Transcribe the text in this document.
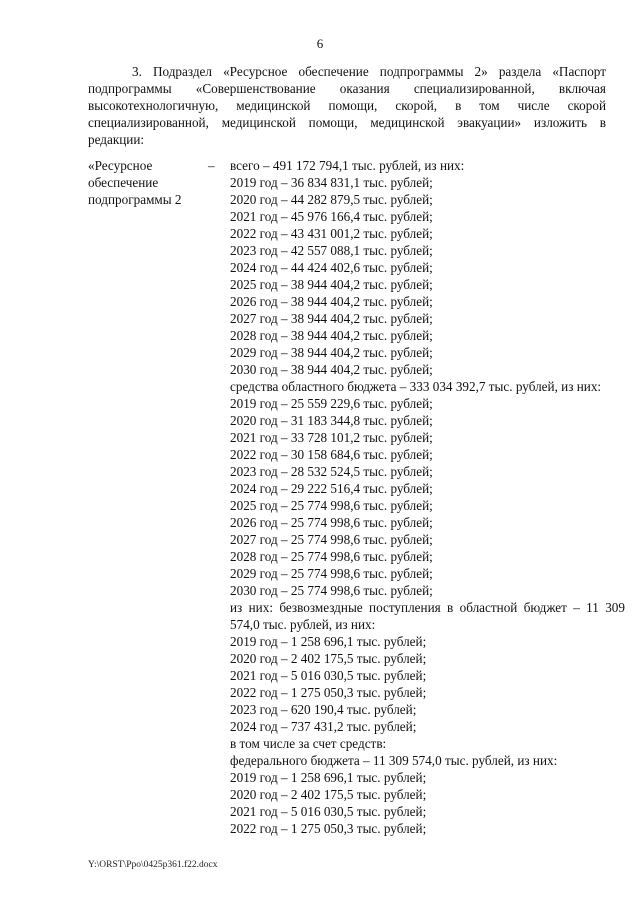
6

3. Подраздел «Ресурсное обеспечение подпрограммы 2» раздела «Паспорт подпрограммы «Совершенствование оказания специализированной, включая высокотехнологичную, медицинской помощи, скорой, в том числе скорой специализированной, медицинской помощи, медицинской эвакуации» изложить в редакции:

«Ресурсное
обеспечение
подпрограммы 2
– всего – 491 172 794,1 тыс. рублей, из них:
2019 год – 36 834 831,1 тыс. рублей;
2020 год – 44 282 879,5 тыс. рублей;
2021 год – 45 976 166,4 тыс. рублей;
2022 год – 43 431 001,2 тыс. рублей;
2023 год – 42 557 088,1 тыс. рублей;
2024 год – 44 424 402,6 тыс. рублей;
2025 год – 38 944 404,2 тыс. рублей;
2026 год – 38 944 404,2 тыс. рублей;
2027 год – 38 944 404,2 тыс. рублей;
2028 год – 38 944 404,2 тыс. рублей;
2029 год – 38 944 404,2 тыс. рублей;
2030 год – 38 944 404,2 тыс. рублей;
средства областного бюджета – 333 034 392,7 тыс. рублей, из них:
2019 год – 25 559 229,6 тыс. рублей;
2020 год – 31 183 344,8 тыс. рублей;
2021 год – 33 728 101,2 тыс. рублей;
2022 год – 30 158 684,6 тыс. рублей;
2023 год – 28 532 524,5 тыс. рублей;
2024 год – 29 222 516,4 тыс. рублей;
2025 год – 25 774 998,6 тыс. рублей;
2026 год – 25 774 998,6 тыс. рублей;
2027 год – 25 774 998,6 тыс. рублей;
2028 год – 25 774 998,6 тыс. рублей;
2029 год – 25 774 998,6 тыс. рублей;
2030 год – 25 774 998,6 тыс. рублей;
из них: безвозмездные поступления в областной бюджет – 11 309 574,0 тыс. рублей, из них:
2019 год – 1 258 696,1 тыс. рублей;
2020 год – 2 402 175,5 тыс. рублей;
2021 год – 5 016 030,5 тыс. рублей;
2022 год – 1 275 050,3 тыс. рублей;
2023 год – 620 190,4 тыс. рублей;
2024 год – 737 431,2 тыс. рублей;
в том числе за счет средств:
федерального бюджета – 11 309 574,0 тыс. рублей, из них:
2019 год – 1 258 696,1 тыс. рублей;
2020 год – 2 402 175,5 тыс. рублей;
2021 год – 5 016 030,5 тыс. рублей;
2022 год – 1 275 050,3 тыс. рублей;
Y:\ORST\Ppo\0425p361.f22.docx
